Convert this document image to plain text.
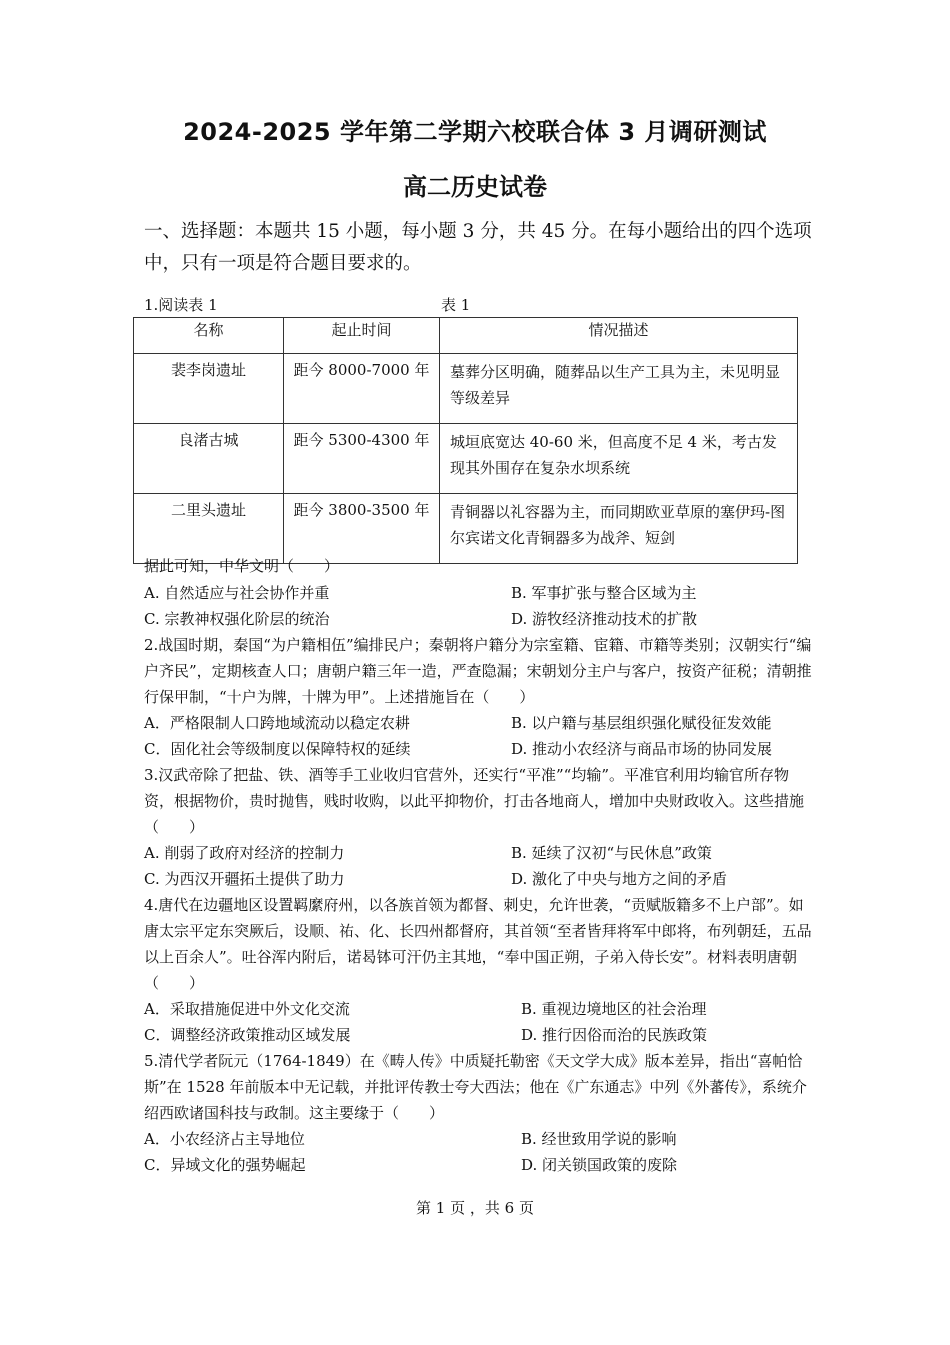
2024-2025 学年第二学期六校联合体 3 月调研测试
高二历史试卷
一、选择题：本题共 15 小题，每小题 3 分，共 45 分。在每小题给出的四个选项中，只有一项是符合题目要求的。
1.阅读表 1	表 1
名称	起止时间	情况描述
裴李岗遗址	距今 8000-7000 年	墓葬分区明确，随葬品以生产工具为主，未见明显等级差异
良渚古城	距今 5300-4300 年	城垣底宽达 40-60 米，但高度不足 4 米，考古发现其外围存在复杂水坝系统
二里头遗址	距今 3800-3500 年	青铜器以礼容器为主，而同期欧亚草原的塞伊玛-图尔宾诺文化青铜器多为战斧、短剑
据此可知，中华文明（　　）
A. 自然适应与社会协作并重	B. 军事扩张与整合区域为主
C. 宗教神权强化阶层的统治	D. 游牧经济推动技术的扩散
2.战国时期，秦国“为户籍相伍”编排民户；秦朝将户籍分为宗室籍、宦籍、市籍等类别；汉朝实行“编户齐民”，定期核查人口；唐朝户籍三年一造，严查隐漏；宋朝划分主户与客户，按资产征税；清朝推行保甲制，“十户为牌，十牌为甲”。上述措施旨在（　　）
A．严格限制人口跨地域流动以稳定农耕	B. 以户籍与基层组织强化赋役征发效能
C．固化社会等级制度以保障特权的延续	D. 推动小农经济与商品市场的协同发展
3.汉武帝除了把盐、铁、酒等手工业收归官营外，还实行“平准”“均输”。平准官利用均输官所存物资，根据物价，贵时抛售，贱时收购，以此平抑物价，打击各地商人，增加中央财政收入。这些措施（　　）
A. 削弱了政府对经济的控制力	B. 延续了汉初“与民休息”政策
C. 为西汉开疆拓土提供了助力	D. 激化了中央与地方之间的矛盾
4.唐代在边疆地区设置羁縻府州，以各族首领为都督、刺史，允许世袭，“贡赋版籍多不上户部”。如唐太宗平定东突厥后，设顺、祐、化、长四州都督府，其首领“至者皆拜将军中郎将，布列朝廷，五品以上百余人”。吐谷浑内附后，诺曷钵可汗仍主其地，“奉中国正朔，子弟入侍长安”。材料表明唐朝（　　）
A．采取措施促进中外文化交流	B. 重视边境地区的社会治理
C．调整经济政策推动区域发展	D. 推行因俗而治的民族政策
5.清代学者阮元（1764-1849）在《畴人传》中质疑托勒密《天文学大成》版本差异，指出“喜帕恰斯”在 1528 年前版本中无记载，并批评传教士夸大西法；他在《广东通志》中列《外蕃传》，系统介绍西欧诸国科技与政制。这主要缘于（　　）
A．小农经济占主导地位	B. 经世致用学说的影响
C．异域文化的强势崛起	D. 闭关锁国政策的废除
第 1 页 ，共 6 页
